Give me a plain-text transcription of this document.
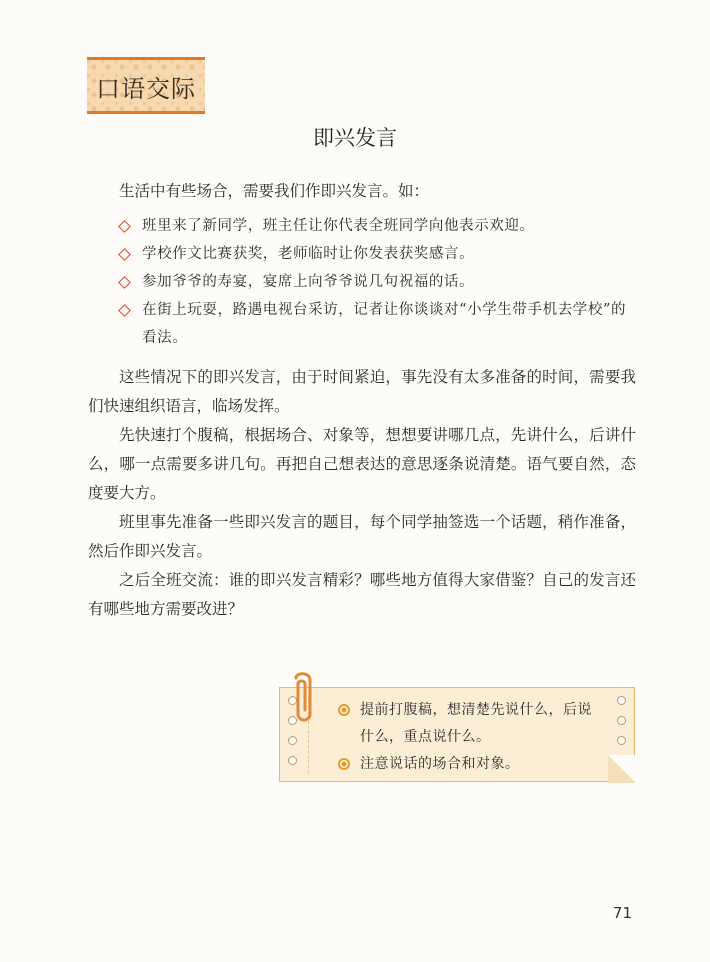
口语交际
即兴发言
生活中有些场合，需要我们作即兴发言。如：
班里来了新同学，班主任让你代表全班同学向他表示欢迎。
学校作文比赛获奖，老师临时让你发表获奖感言。
参加爷爷的寿宴，宴席上向爷爷说几句祝福的话。
在街上玩耍，路遇电视台采访，记者让你谈谈对“小学生带手机去学校”的看法。
这些情况下的即兴发言，由于时间紧迫，事先没有太多准备的时间，需要我们快速组织语言，临场发挥。
先快速打个腹稿，根据场合、对象等，想想要讲哪几点，先讲什么，后讲什么，哪一点需要多讲几句。再把自己想表达的意思逐条说清楚。语气要自然，态度要大方。
班里事先准备一些即兴发言的题目，每个同学抽签选一个话题，稍作准备，然后作即兴发言。
之后全班交流：谁的即兴发言精彩？哪些地方值得大家借鉴？自己的发言还有哪些地方需要改进？
提前打腹稿，想清楚先说什么，后说什么，重点说什么。
注意说话的场合和对象。
71
